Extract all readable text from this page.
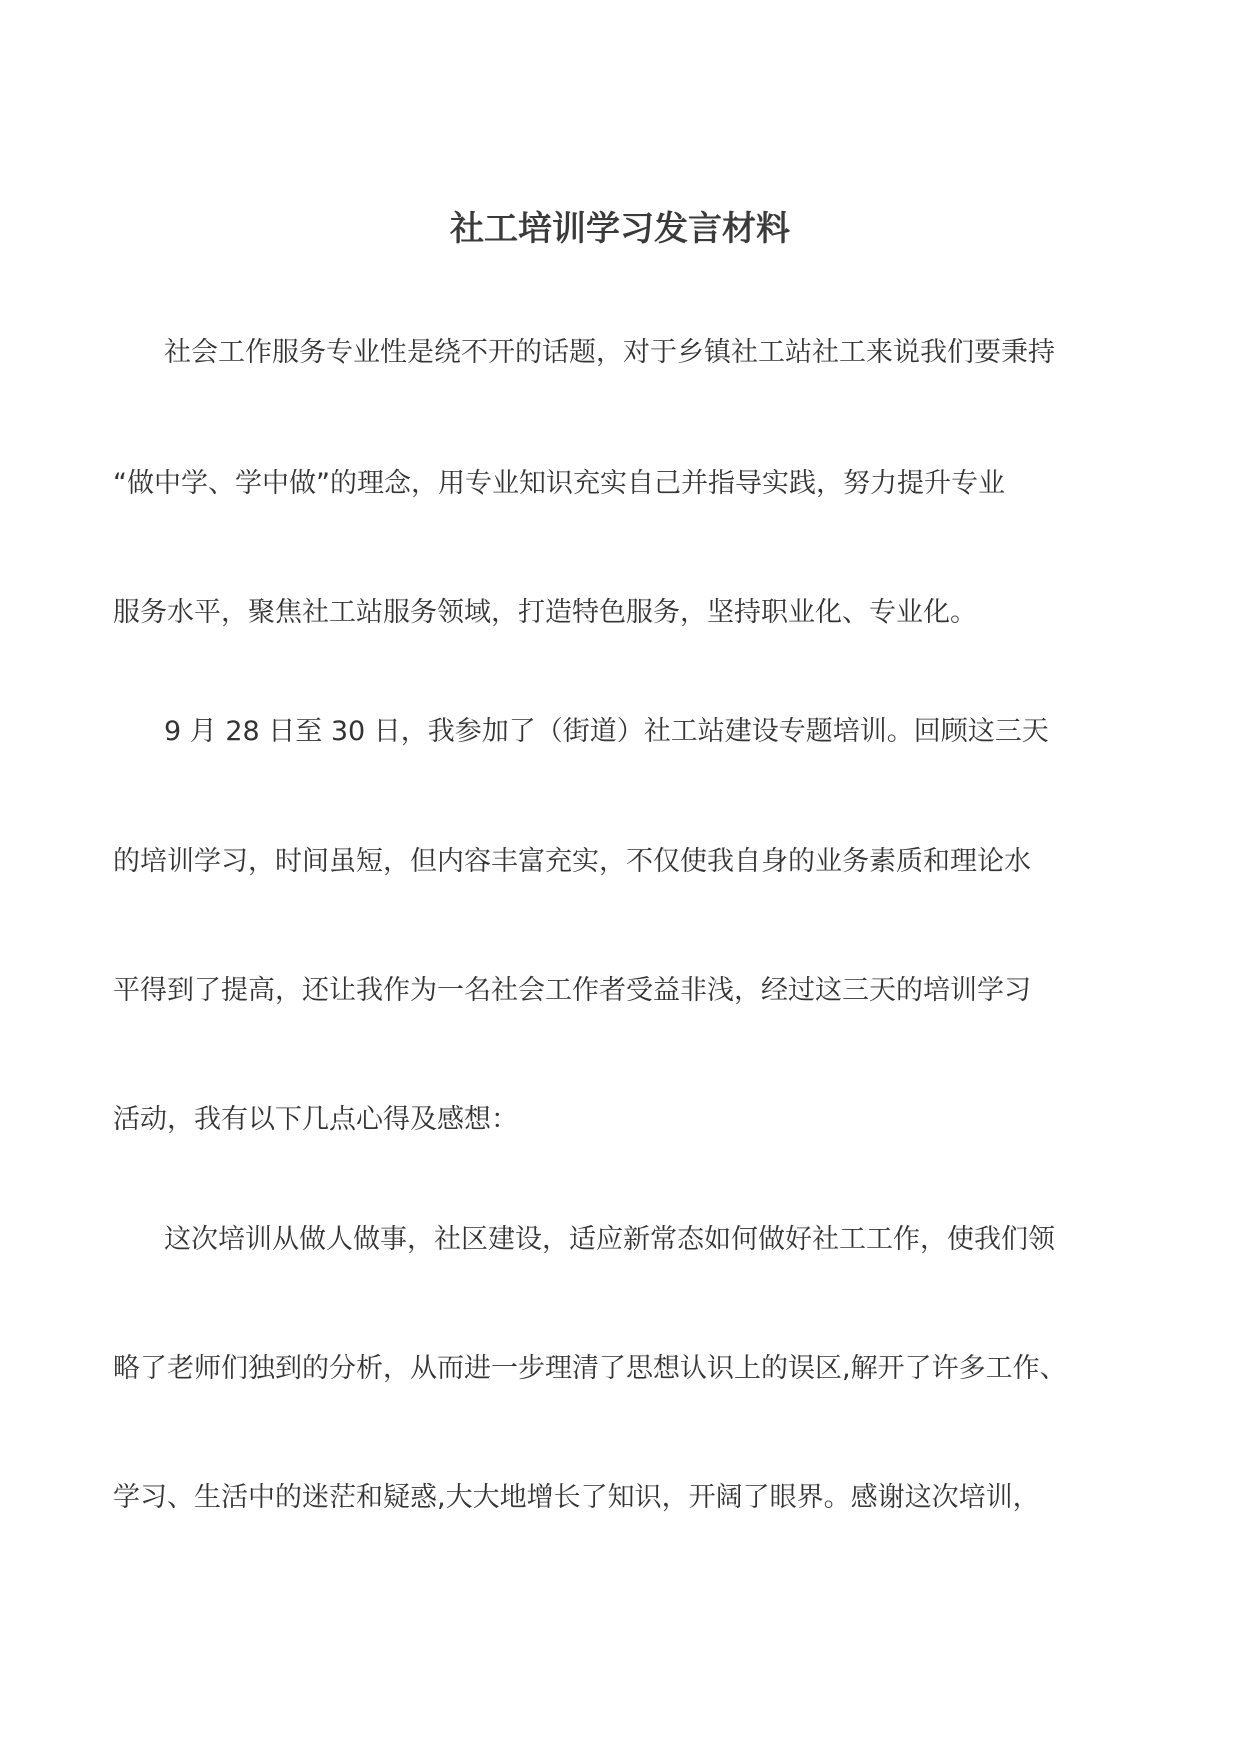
社工培训学习发言材料
社会工作服务专业性是绕不开的话题，对于乡镇社工站社工来说我们要秉持
“做中学、学中做”的理念，用专业知识充实自己并指导实践，努力提升专业
服务水平，聚焦社工站服务领域，打造特色服务，坚持职业化、专业化。
9 月 28 日至 30 日，我参加了（街道）社工站建设专题培训。回顾这三天
的培训学习，时间虽短，但内容丰富充实，不仅使我自身的业务素质和理论水
平得到了提高，还让我作为一名社会工作者受益非浅，经过这三天的培训学习
活动，我有以下几点心得及感想：
这次培训从做人做事，社区建设，适应新常态如何做好社工工作，使我们领
略了老师们独到的分析，从而进一步理清了思想认识上的误区,解开了许多工作、
学习、生活中的迷茫和疑惑,大大地增长了知识，开阔了眼界。感谢这次培训，
